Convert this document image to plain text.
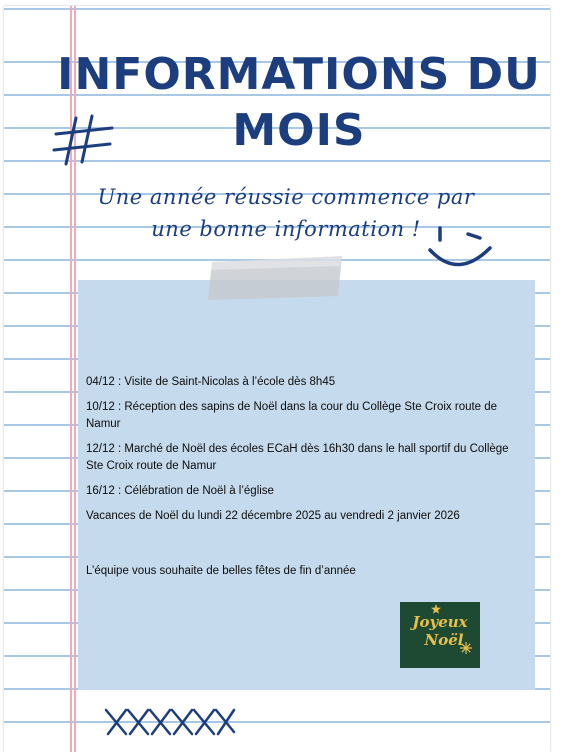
INFORMATIONS DU
MOIS

Une année réussie commence par

une bonne information !

04/12 : Visite de Saint-Nicolas à l’école dès 8h45
10/12 : Réception des sapins de Noël dans la cour du Collège Ste Croix route de Namur
12/12 : Marché de Noël des écoles ECaH dès 16h30 dans le hall sportif du Collège Ste Croix route de Namur
16/12 : Célébration de Noël à l’église
Vacances de Noël du lundi 22 décembre 2025 au vendredi 2 janvier 2026

L’équipe vous souhaite de belles fêtes de fin d’année

Joyeux
Noël
